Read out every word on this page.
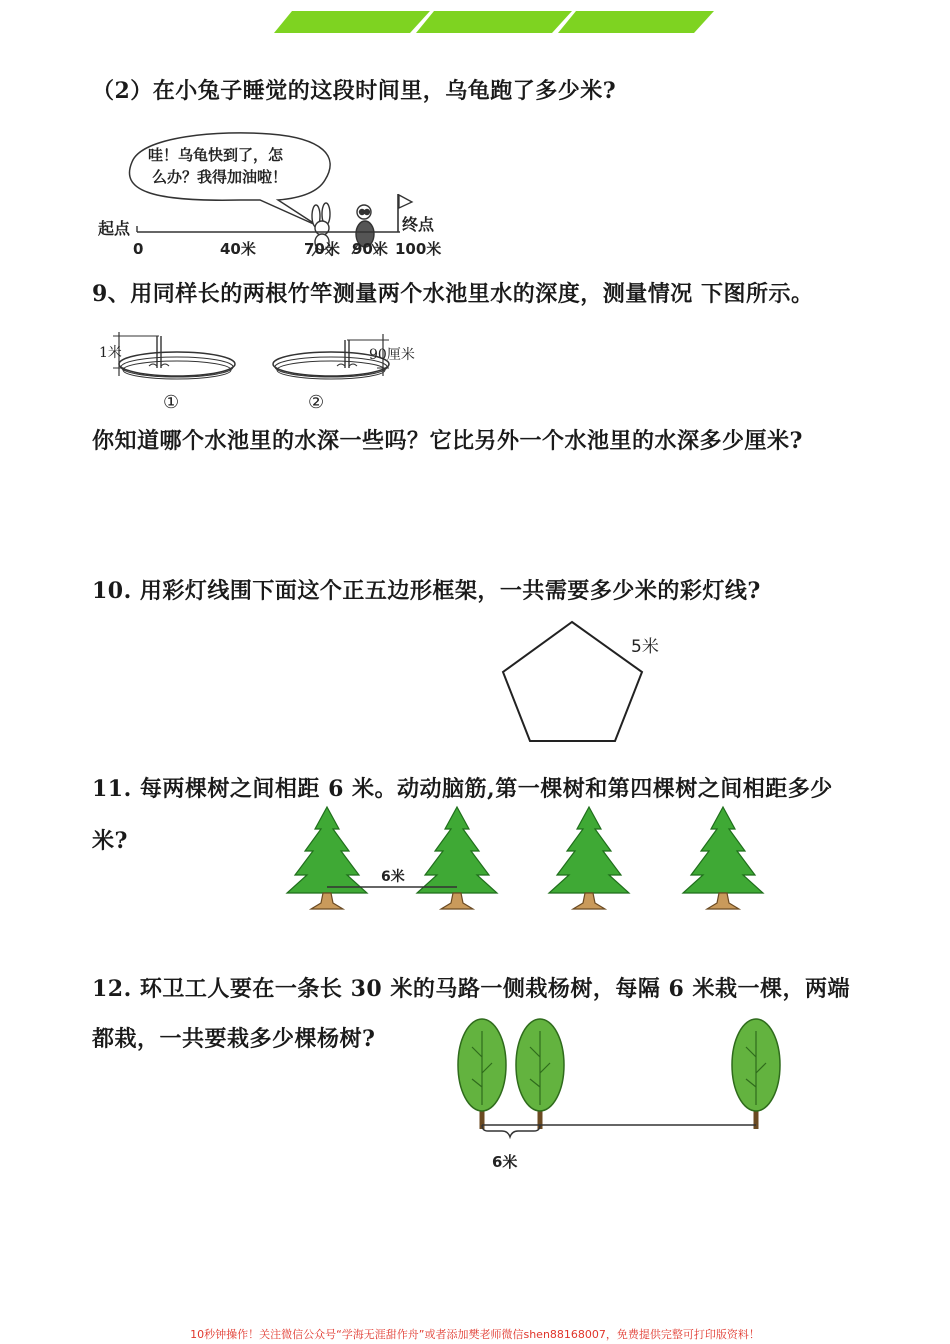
（2）在小兔子睡觉的这段时间里，乌龟跑了多少米?
哇！乌龟快到了，怎
么办？我得加油啦！
起点	终点
0	40米	70米 90米 100米
9、用同样长的两根竹竿测量两个水池里水的深度，测量情况 下图所示。
1米
①
90厘米
②
你知道哪个水池里的水深一些吗？它比另外一个水池里的水深多少厘米?
10. 用彩灯线围下面这个正五边形框架，一共需要多少米的彩灯线?
5米
11. 每两棵树之间相距 6 米。动动脑筋,第一棵树和第四棵树之间相距多少
米?
6米
12. 环卫工人要在一条长 30 米的马路一侧栽杨树，每隔 6 米栽一棵，两端
都栽，一共要栽多少棵杨树?
6米
10秒钟操作！关注微信公众号“学海无涯甜作舟”或者添加樊老师微信shen88168007，免费提供完整可打印版资料！
